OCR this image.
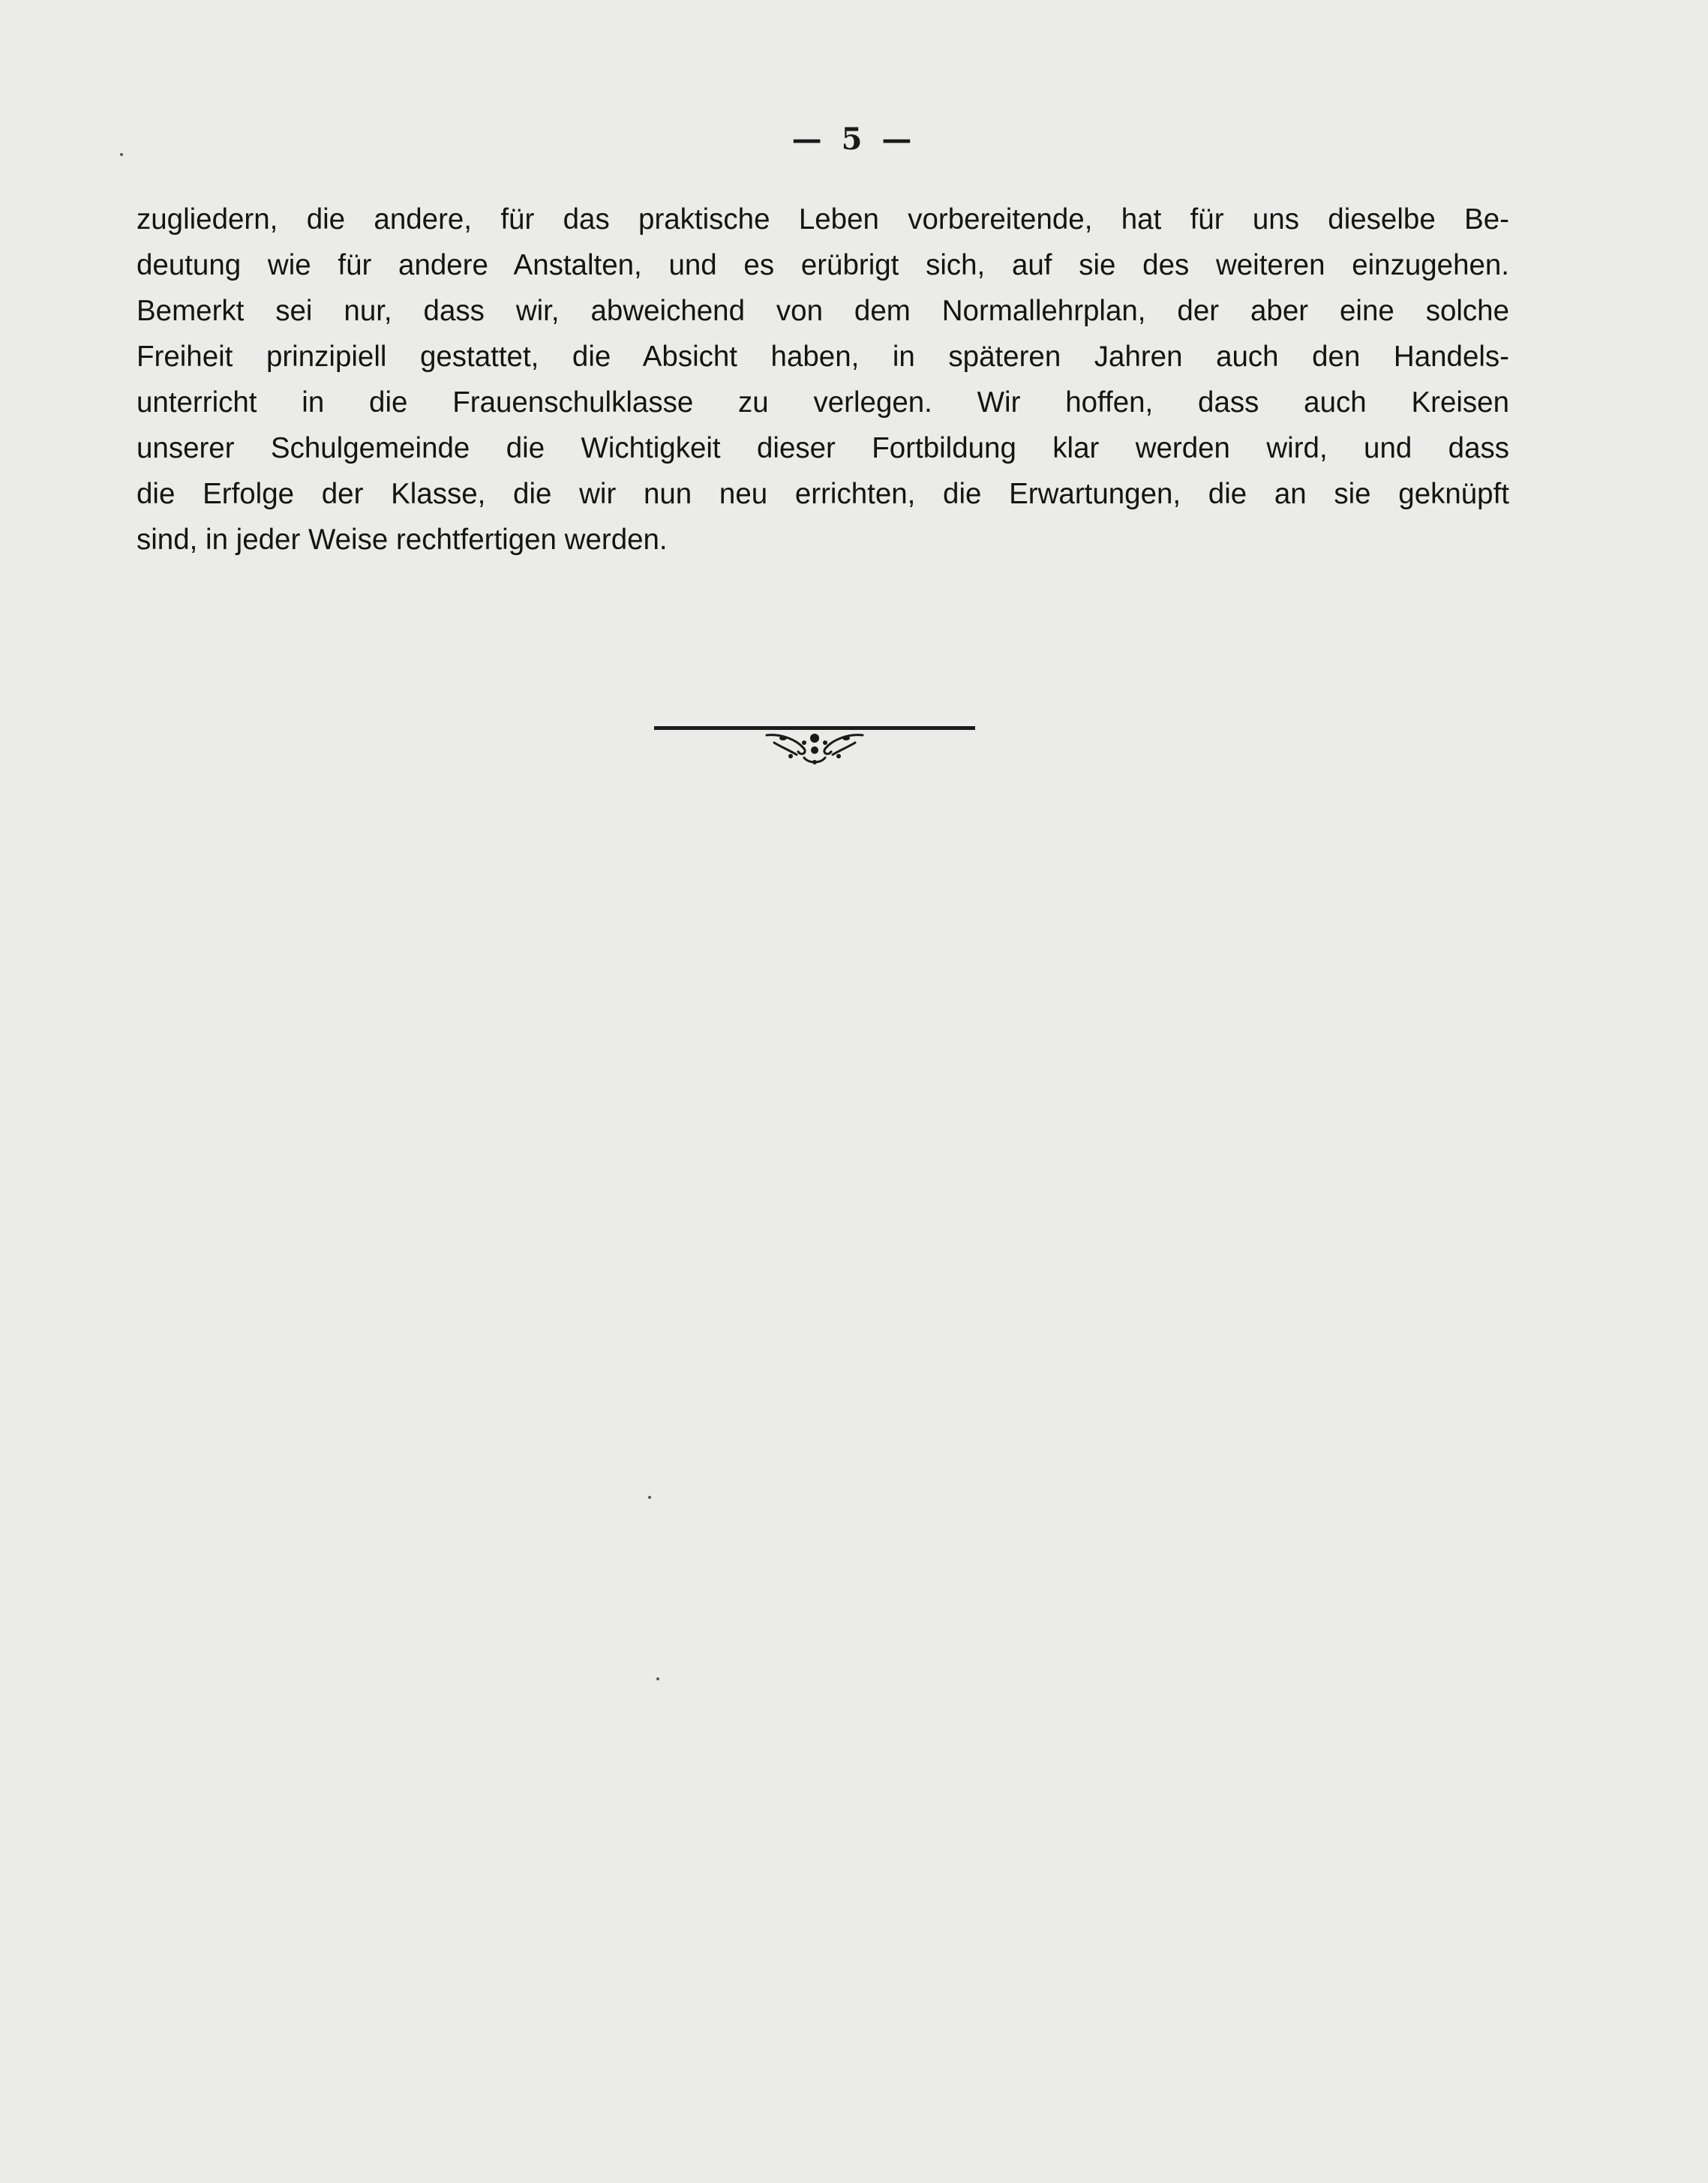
— 5 —
zugliedern, die andere, für das praktische Leben vorbereitende, hat für uns dieselbe Be-
deutung wie für andere Anstalten, und es erübrigt sich, auf sie des weiteren einzugehen.
Bemerkt sei nur, dass wir, abweichend von dem Normallehrplan, der aber eine solche
Freiheit prinzipiell gestattet, die Absicht haben, in späteren Jahren auch den Handels-
unterricht in die Frauenschulklasse zu verlegen. Wir hoffen, dass auch Kreisen
unserer Schulgemeinde die Wichtigkeit dieser Fortbildung klar werden wird, und dass
die Erfolge der Klasse, die wir nun neu errichten, die Erwartungen, die an sie geknüpft
sind, in jeder Weise rechtfertigen werden.
